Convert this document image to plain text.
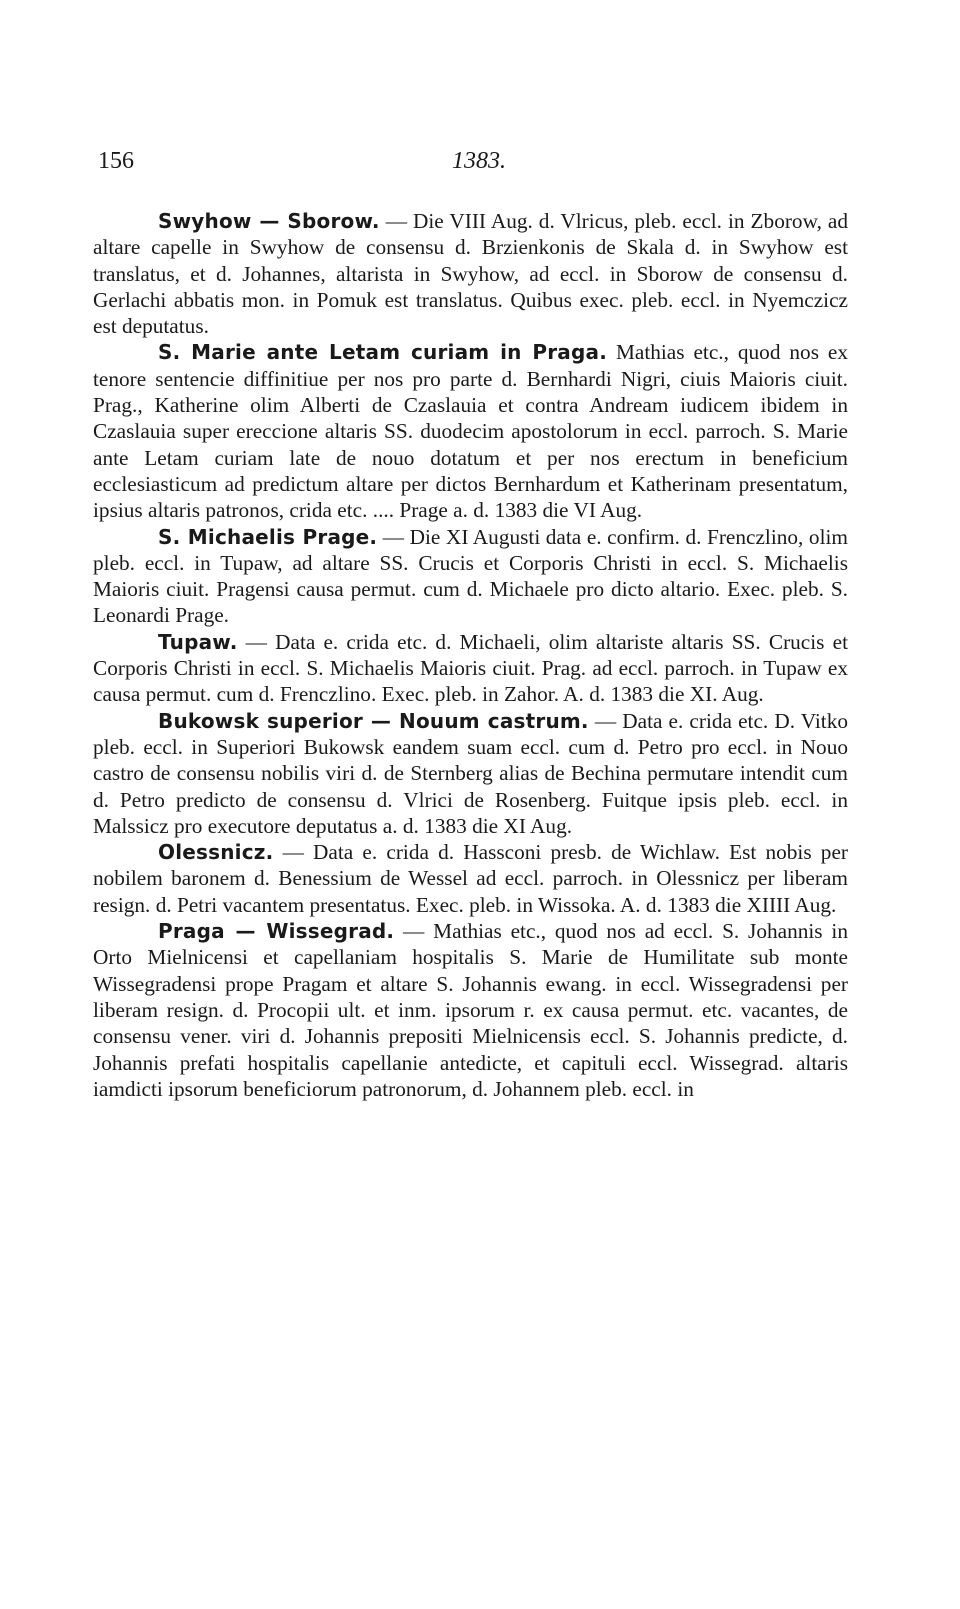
156	1383.

Swyhow — Sborow. — Die VIII Aug. d. Vlricus, pleb. eccl. in Zborow, ad altare capelle in Swyhow de consensu d. Brzienkonis de Skala d. in Swyhow est translatus, et d. Johannes, altarista in Swyhow, ad eccl. in Sborow de consensu d. Gerlachi abbatis mon. in Pomuk est translatus. Quibus exec. pleb. eccl. in Nyemczicz est deputatus.

S. Marie ante Letam curiam in Praga. Mathias etc., quod nos ex tenore sentencie diffinitiue per nos pro parte d. Bernhardi Nigri, ciuis Maioris ciuit. Prag., Katherine olim Alberti de Czaslauia et contra Andream iudicem ibidem in Czaslauia super ereccione altaris SS. duodecim apostolorum in eccl. parroch. S. Marie ante Letam curiam late de nouo dotatum et per nos erectum in beneficium ecclesiasticum ad predictum altare per dictos Bernhardum et Katherinam presentatum, ipsius altaris patronos, crida etc. .... Prage a. d. 1383 die VI Aug.

S. Michaelis Prage. — Die XI Augusti data e. confirm. d. Frenczlino, olim pleb. eccl. in Tupaw, ad altare SS. Crucis et Corporis Christi in eccl. S. Michaelis Maioris ciuit. Pragensi causa permut. cum d. Michaele pro dicto altario. Exec. pleb. S. Leonardi Prage.

Tupaw. — Data e. crida etc. d. Michaeli, olim altariste altaris SS. Crucis et Corporis Christi in eccl. S. Michaelis Maioris ciuit. Prag. ad eccl. parroch. in Tupaw ex causa permut. cum d. Frenczlino. Exec. pleb. in Zahor. A. d. 1383 die XI. Aug.

Bukowsk superior — Nouum castrum. — Data e. crida etc. D. Vitko pleb. eccl. in Superiori Bukowsk eandem suam eccl. cum d. Petro pro eccl. in Nouo castro de consensu nobilis viri d. de Sternberg alias de Bechina permutare intendit cum d. Petro predicto de consensu d. Vlrici de Rosenberg. Fuitque ipsis pleb. eccl. in Malssicz pro executore deputatus a. d. 1383 die XI Aug.

Olessnicz. — Data e. crida d. Hassconi presb. de Wichlaw. Est nobis per nobilem baronem d. Benessium de Wessel ad eccl. parroch. in Olessnicz per liberam resign. d. Petri vacantem presentatus. Exec. pleb. in Wissoka. A. d. 1383 die XIIII Aug.

Praga — Wissegrad. — Mathias etc., quod nos ad eccl. S. Johannis in Orto Mielnicensi et capellaniam hospitalis S. Marie de Humilitate sub monte Wissegradensi prope Pragam et altare S. Johannis ewang. in eccl. Wissegradensi per liberam resign. d. Procopii ult. et inm. ipsorum r. ex causa permut. etc. vacantes, de consensu vener. viri d. Johannis prepositi Mielnicensis eccl. S. Johannis predicte, d. Johannis prefati hospitalis capellanie antedicte, et capituli eccl. Wissegrad. altaris iamdicti ipsorum beneficiorum patronorum, d. Johannem pleb. eccl. in
